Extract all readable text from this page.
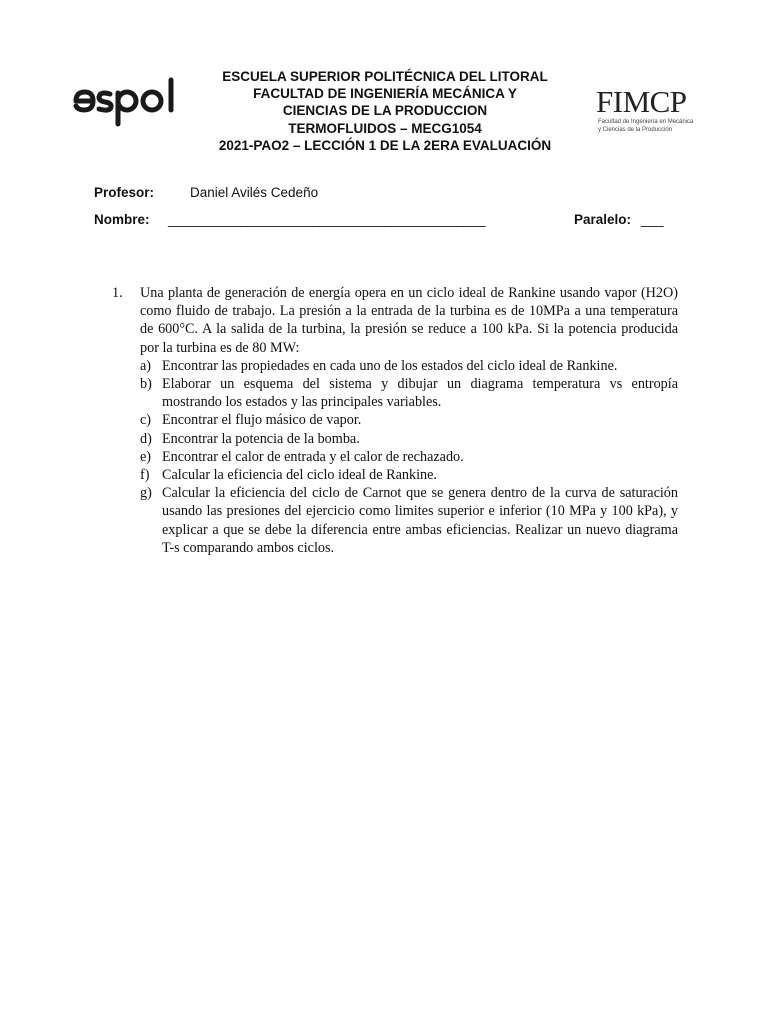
FIMCP
Facultad de Ingeniería en Mecánica
y Ciencias de la Producción
ESCUELA SUPERIOR POLITÉCNICA DEL LITORAL
FACULTAD DE INGENIERÍA MECÁNICA Y
CIENCIAS DE LA PRODUCCION
TERMOFLUIDOS – MECG1054
2021-PAO2 – LECCIÓN 1 DE LA 2ERA EVALUACIÓN
Profesor:	Daniel Avilés Cedeño
Nombre: ____________________________________________	Paralelo: ___
1.	Una planta de generación de energía opera en un ciclo ideal de Rankine usando vapor (H2O) como fluido de trabajo. La presión a la entrada de la turbina es de 10MPa a una temperatura de 600°C. A la salida de la turbina, la presión se reduce a 100 kPa. Si la potencia producida por la turbina es de 80 MW:
a) Encontrar las propiedades en cada uno de los estados del ciclo ideal de Rankine.
b) Elaborar un esquema del sistema y dibujar un diagrama temperatura vs entropía mostrando los estados y las principales variables.
c) Encontrar el flujo másico de vapor.
d) Encontrar la potencia de la bomba.
e) Encontrar el calor de entrada y el calor de rechazado.
f) Calcular la eficiencia del ciclo ideal de Rankine.
g) Calcular la eficiencia del ciclo de Carnot que se genera dentro de la curva de saturación usando las presiones del ejercicio como limites superior e inferior (10 MPa y 100 kPa), y explicar a que se debe la diferencia entre ambas eficiencias. Realizar un nuevo diagrama T-s comparando ambos ciclos.
